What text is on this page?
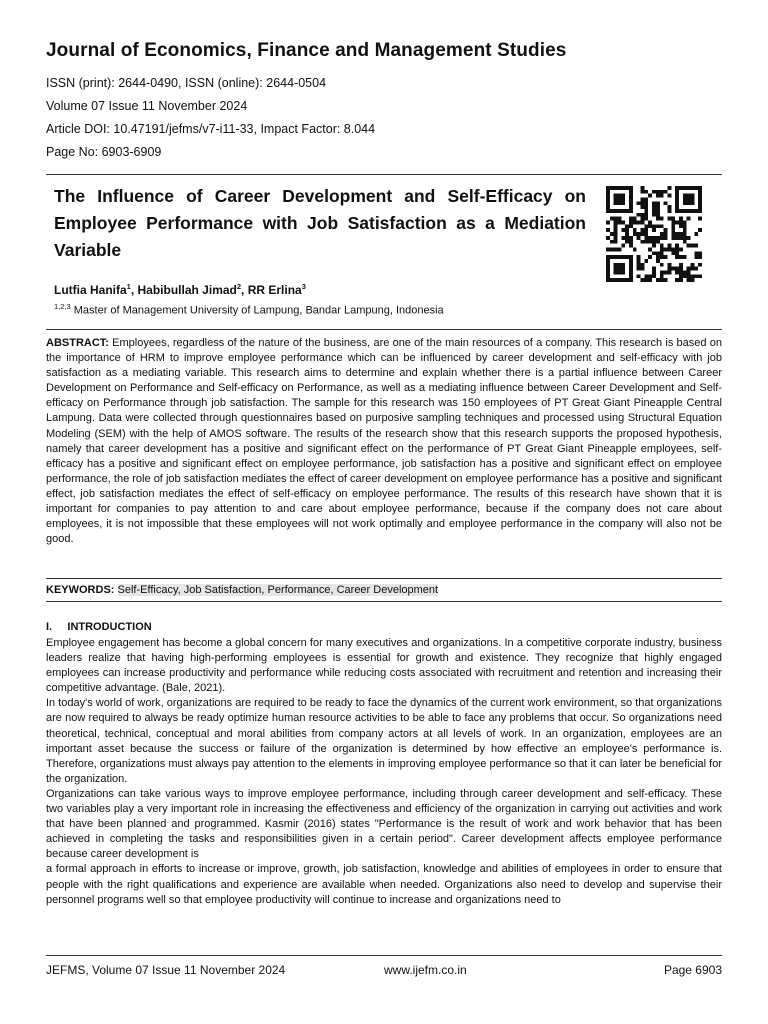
Journal of Economics, Finance and Management Studies
ISSN (print): 2644-0490, ISSN (online): 2644-0504
Volume 07 Issue 11 November 2024
Article DOI: 10.47191/jefms/v7-i11-33, Impact Factor: 8.044
Page No: 6903-6909
The Influence of Career Development and Self-Efficacy on Employee Performance with Job Satisfaction as a Mediation Variable
Lutfia Hanifa$^1$, Habibullah Jimad$^2$, RR Erlina$^3$
$^{1,2,3}$ Master of Management University of Lampung, Bandar Lampung, Indonesia

ABSTRACT: Employees, regardless of the nature of the business, are one of the main resources of a company. This research is based on the importance of HRM to improve employee performance which can be influenced by career development and self-efficacy with job satisfaction as a mediating variable. This research aims to determine and explain whether there is a partial influence between Career Development on Performance and Self-efficacy on Performance, as well as a mediating influence between Career Development and Self-efficacy on Performance through job satisfaction. The sample for this research was 150 employees of PT Great Giant Pineapple Central Lampung. Data were collected through questionnaires based on purposive sampling techniques and processed using Structural Equation Modeling (SEM) with the help of AMOS software. The results of the research show that this research supports the proposed hypothesis, namely that career development has a positive and significant effect on the performance of PT Great Giant Pineapple employees, self-efficacy has a positive and significant effect on employee performance, job satisfaction has a positive and significant effect on employee performance, the role of job satisfaction mediates the effect of career development on employee performance has a positive and significant effect, job satisfaction mediates the effect of self-efficacy on employee performance. The results of this research have shown that it is important for companies to pay attention to and care about employee performance, because if the company does not care about employees, it is not impossible that these employees will not work optimally and employee performance in the company will also not be good.

KEYWORDS: Self-Efficacy, Job Satisfaction, Performance, Career Development
I.     INTRODUCTION

Employee engagement has become a global concern for many executives and organizations. In a competitive corporate industry, business leaders realize that having high-performing employees is essential for growth and existence. They recognize that highly engaged employees can increase productivity and performance while reducing costs associated with recruitment and retention and increasing their competitive advantage. (Bale, 2021).

In today's world of work, organizations are required to be ready to face the dynamics of the current work environment, so that organizations are now required to always be ready optimize human resource activities to be able to face any problems that occur. So organizations need theoretical, technical, conceptual and moral abilities from company actors at all levels of work. In an organization, employees are an important asset because the success or failure of the organization is determined by how effective an employee's performance is. Therefore, organizations must always pay attention to the elements in improving employee performance so that it can later be beneficial for the organization.

Organizations can take various ways to improve employee performance, including through career development and self-efficacy. These two variables play a very important role in increasing the effectiveness and efficiency of the organization in carrying out activities and work that have been planned and programmed. Kasmir (2016) states "Performance is the result of work and work behavior that has been achieved in completing the tasks and responsibilities given in a certain period". Career development affects employee performance because career development is

a formal approach in efforts to increase or improve, growth, job satisfaction, knowledge and abilities of employees in order to ensure that people with the right qualifications and experience are available when needed. Organizations also need to develop and supervise their personnel programs well so that employee productivity will continue to increase and organizations need to

JEFMS, Volume 07 Issue 11 November 2024	www.ijefm.co.in	Page 6903
